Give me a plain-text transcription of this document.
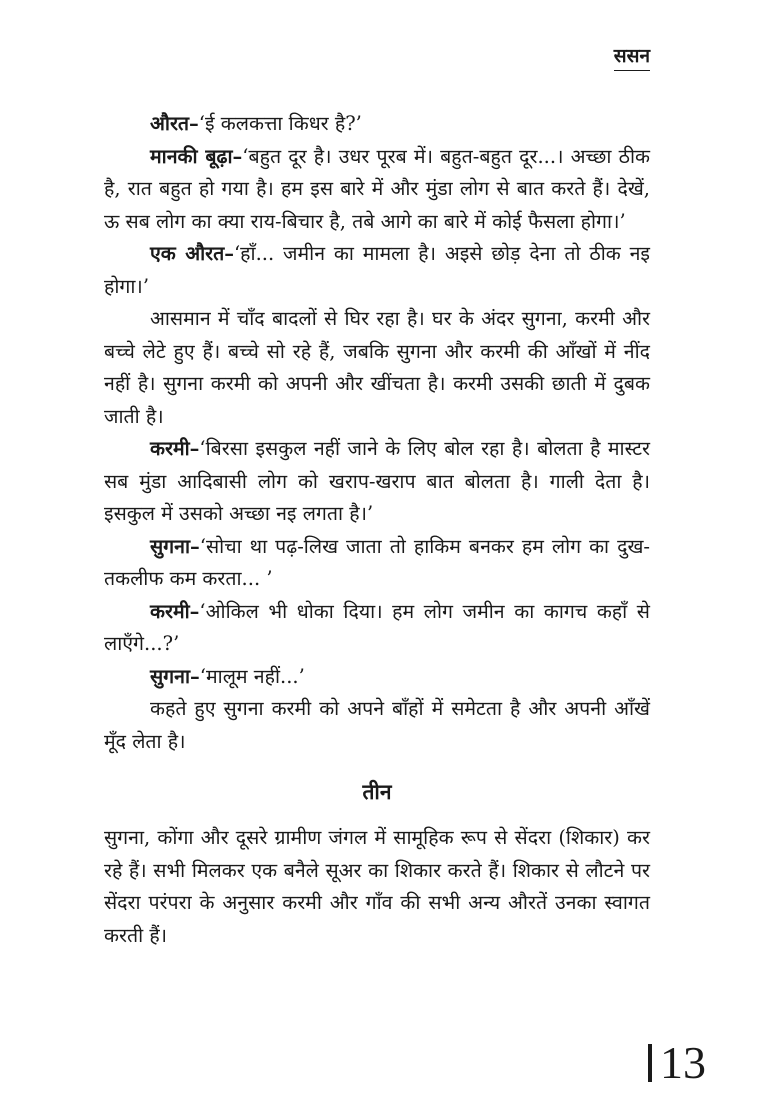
ससन

औरत–‘ई कलकत्ता किधर है?’

मानकी बूढ़ा–‘बहुत दूर है। उधर पूरब में। बहुत-बहुत दूर...। अच्छा ठीक है, रात बहुत हो गया है। हम इस बारे में और मुंडा लोग से बात करते हैं। देखें, ऊ सब लोग का क्या राय-बिचार है, तबे आगे का बारे में कोई फैसला होगा।’

एक औरत–‘हाँ... जमीन का मामला है। अइसे छोड़ देना तो ठीक नइ होगा।’

आसमान में चाँद बादलों से घिर रहा है। घर के अंदर सुगना, करमी और बच्चे लेटे हुए हैं। बच्चे सो रहे हैं, जबकि सुगना और करमी की आँखों में नींद नहीं है। सुगना करमी को अपनी और खींचता है। करमी उसकी छाती में दुबक जाती है।

करमी–‘बिरसा इसकुल नहीं जाने के लिए बोल रहा है। बोलता है मास्टर सब मुंडा आदिबासी लोग को खराप-खराप बात बोलता है। गाली देता है। इसकुल में उसको अच्छा नइ लगता है।’

सुगना–‘सोचा था पढ़-लिख जाता तो हाकिम बनकर हम लोग का दुख-तकलीफ कम करता... ’

करमी–‘ओकिल भी धोका दिया। हम लोग जमीन का कागच कहाँ से लाएँगे...?’

सुगना–‘मालूम नहीं...’

कहते हुए सुगना करमी को अपने बाँहों में समेटता है और अपनी आँखें मूँद लेता है।

तीन

सुगना, कोंगा और दूसरे ग्रामीण जंगल में सामूहिक रूप से सेंदरा (शिकार) कर रहे हैं। सभी मिलकर एक बनैले सूअर का शिकार करते हैं। शिकार से लौटने पर सेंदरा परंपरा के अनुसार करमी और गाँव की सभी अन्य औरतें उनका स्वागत करती हैं।

13
